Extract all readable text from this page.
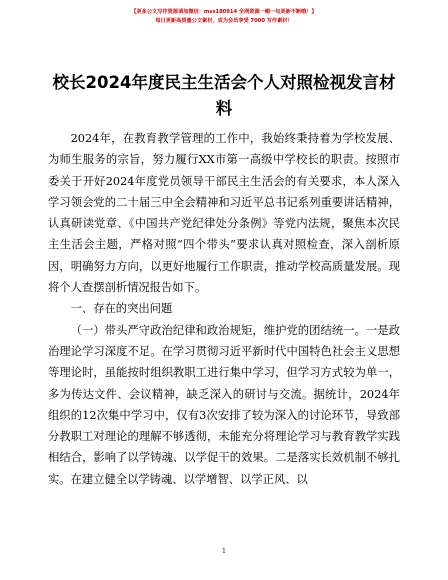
【更多公文写作资源请加微信：mss180914 全网资源一帽一旬更新不断哦！】
每日更新高质量公文素材，成为会员享受 7000 写作素材！
校长2024年度民主生活会个人对照检视发言材料

2024年，在教育教学管理的工作中，我始终秉持着为学校发展、为师生服务的宗旨，努力履行XX市第一高级中学校长的职责。按照市委关于开好2024年度党员领导干部民主生活会的有关要求，本人深入学习领会党的二十届三中全会精神和习近平总书记系列重要讲话精神，认真研读党章、《中国共产党纪律处分条例》等党内法规，聚焦本次民主生活会主题，严格对照“四个带头”要求认真对照检查，深入剖析原因，明确努力方向，以更好地履行工作职责，推动学校高质量发展。现将个人查摆剖析情况报告如下。

一、存在的突出问题

（一）带头严守政治纪律和政治规矩，维护党的团结统一。一是政治理论学习深度不足。在学习贯彻习近平新时代中国特色社会主义思想等理论时，虽能按时组织教职工进行集中学习，但学习方式较为单一，多为传达文件、会议精神，缺乏深入的研讨与交流。据统计，2024年组织的12次集中学习中，仅有3次安排了较为深入的讨论环节，导致部分教职工对理论的理解不够透彻，未能充分将理论学习与教育教学实践相结合，影响了以学铸魂、以学促干的效果。二是落实长效机制不够扎实。在建立健全以学铸魂、以学增智、以学正风、以

1
